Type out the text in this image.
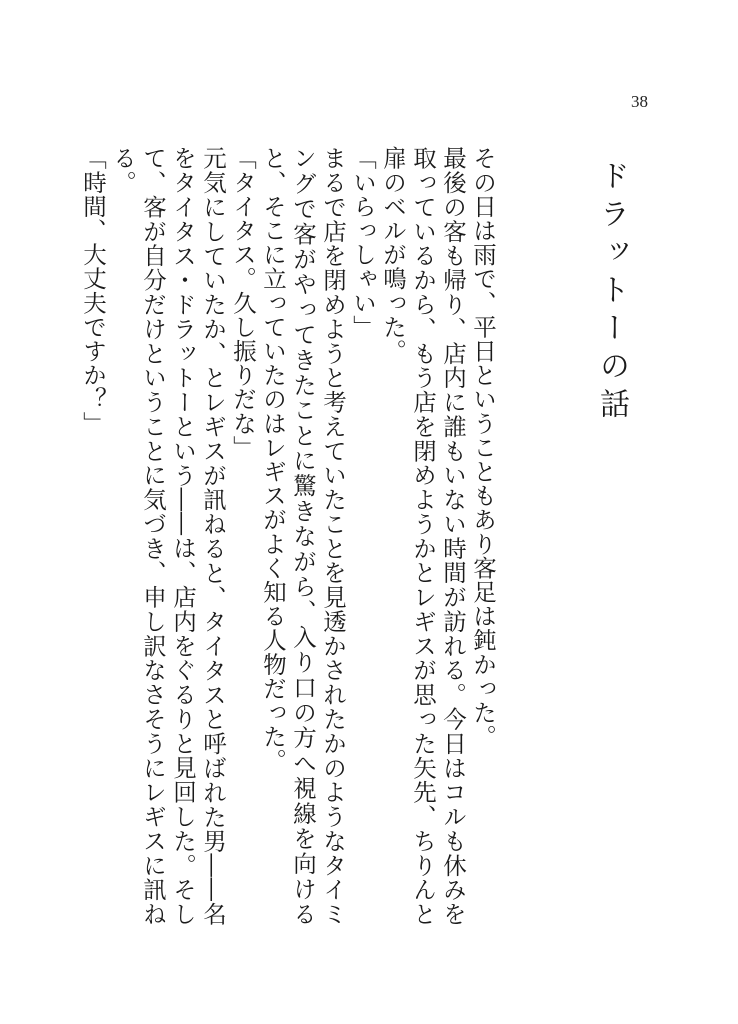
38
ドラットーの話

その日は雨で、平日ということもあり客足は鈍かった。

最後の客も帰り、店内に誰もいない時間が訪れる。今日はコルも休みを取っているから、もう店を閉めようかとレギスが思った矢先、ちりんと扉のベルが鳴った。

「いらっしゃい」

まるで店を閉めようと考えていたことを見透かされたかのようなタイミングで客がやってきたことに驚きながら、入り口の方へ視線を向けると、そこに立っていたのはレギスがよく知る人物だった。

「タイタス。久し振りだな」

元気にしていたか、とレギスが訊ねると、タイタスと呼ばれた男――名をタイタス・ドラットーという――は、店内をぐるりと見回した。そして、客が自分だけということに気づき、申し訳なさそうにレギスに訊ねる。

「時間、大丈夫ですか？」
